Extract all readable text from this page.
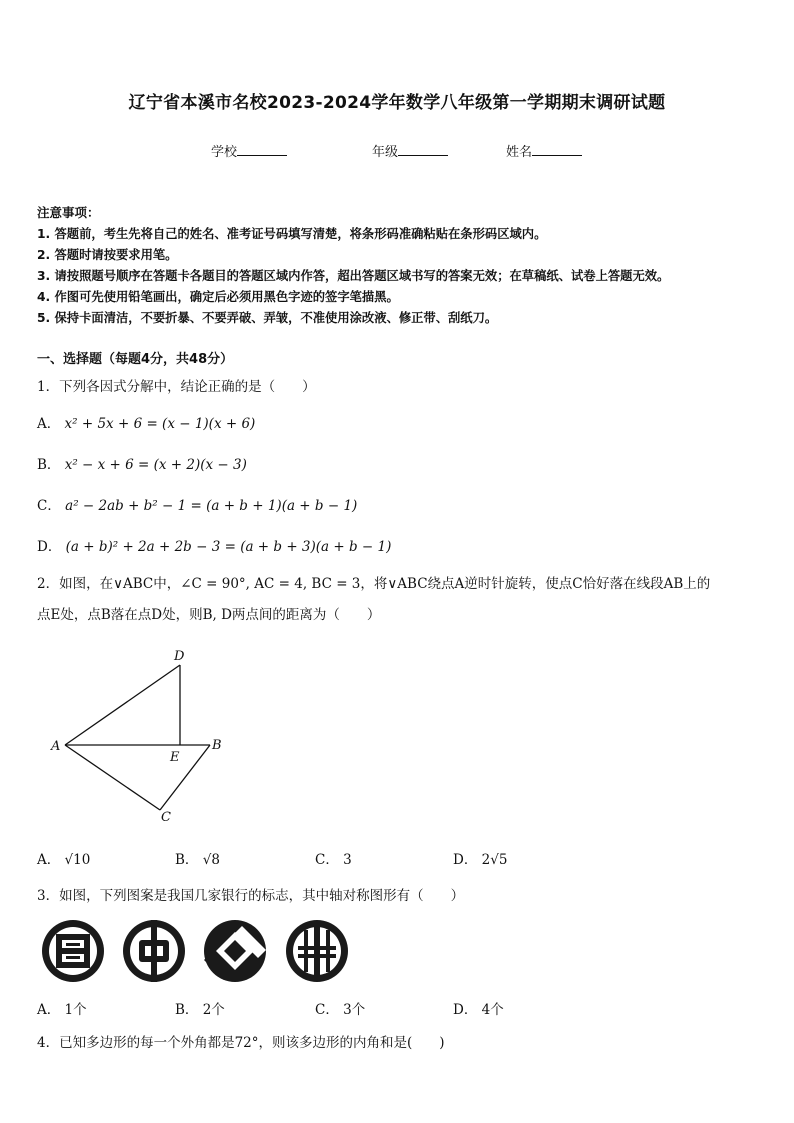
辽宁省本溪市名校2023-2024学年数学八年级第一学期期末调研试题
学校	年级	姓名
注意事项：
1. 答题前，考生先将自己的姓名、准考证号码填写清楚，将条形码准确粘贴在条形码区域内。
2. 答题时请按要求用笔。
3. 请按照题号顺序在答题卡各题目的答题区域内作答，超出答题区域书写的答案无效；在草稿纸、试卷上答题无效。
4. 作图可先使用铅笔画出，确定后必须用黑色字迹的签字笔描黑。
5. 保持卡面清洁，不要折暴、不要弄破、弄皱，不准使用涂改液、修正带、刮纸刀。
一、选择题（每题4分，共48分）
1．下列各因式分解中，结论正确的是（　　）
A． x² + 5x + 6 = (x − 1)(x + 6)
B． x² − x + 6 = (x + 2)(x − 3)
C． a² − 2ab + b² − 1 = (a + b + 1)(a + b − 1)
D． (a + b)² + 2a + 2b − 3 = (a + b + 3)(a + b − 1)
2．如图，在∨ABC中，∠C = 90°, AC = 4, BC = 3，将∨ABC绕点A逆时针旋转，使点C恰好落在线段AB上的
点E处，点B落在点D处，则B, D两点间的距离为（　　）
D
A
E
B
C
A． √10	B． √8	C． 3	D． 2√5
3．如图，下列图案是我国几家银行的标志，其中轴对称图形有（　　）
A． 1个	B． 2个	C． 3个	D． 4个
4．已知多边形的每一个外角都是72°，则该多边形的内角和是(　　)
